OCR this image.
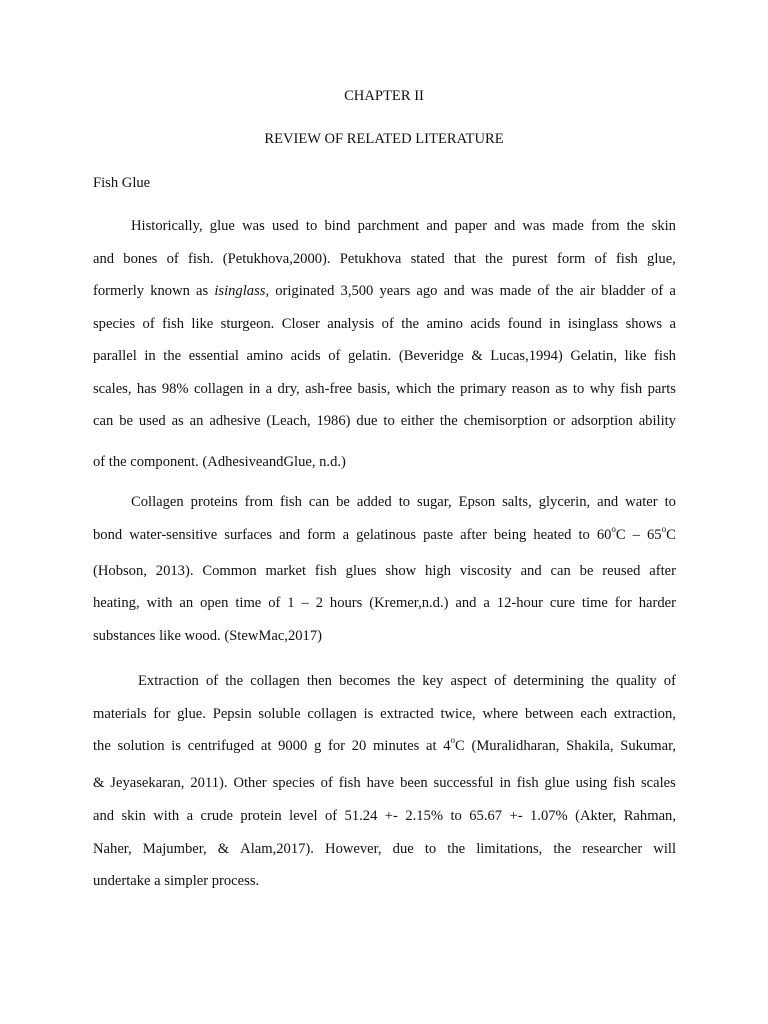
CHAPTER II
REVIEW OF RELATED LITERATURE
Fish Glue
Historically, glue was used to bind parchment and paper and was made from the skin
and bones of fish. (Petukhova,2000). Petukhova stated that the purest form of fish glue,
formerly known as isinglass, originated 3,500 years ago and was made of the air bladder of a
species of fish like sturgeon. Closer analysis of the amino acids found in isinglass shows a
parallel in the essential amino acids of gelatin. (Beveridge & Lucas,1994) Gelatin, like fish
scales, has 98% collagen in a dry, ash-free basis, which the primary reason as to why fish parts
can be used as an adhesive (Leach, 1986) due to either the chemisorption or adsorption ability
of the component. (AdhesiveandGlue, n.d.)
Collagen proteins from fish can be added to sugar, Epson salts, glycerin, and water to
bond water-sensitive surfaces and form a gelatinous paste after being heated to 60$^o$C – 65$^o$C
(Hobson, 2013). Common market fish glues show high viscosity and can be reused after
heating, with an open time of 1 – 2 hours (Kremer,n.d.) and a 12-hour cure time for harder
substances like wood. (StewMac,2017)
Extraction of the collagen then becomes the key aspect of determining the quality of
materials for glue. Pepsin soluble collagen is extracted twice, where between each extraction,
the solution is centrifuged at 9000 g for 20 minutes at 4$^o$C (Muralidharan, Shakila, Sukumar,
& Jeyasekaran, 2011). Other species of fish have been successful in fish glue using fish scales
and skin with a crude protein level of 51.24 +- 2.15% to 65.67 +- 1.07% (Akter, Rahman,
Naher, Majumber, & Alam,2017). However, due to the limitations, the researcher will
undertake a simpler process.
